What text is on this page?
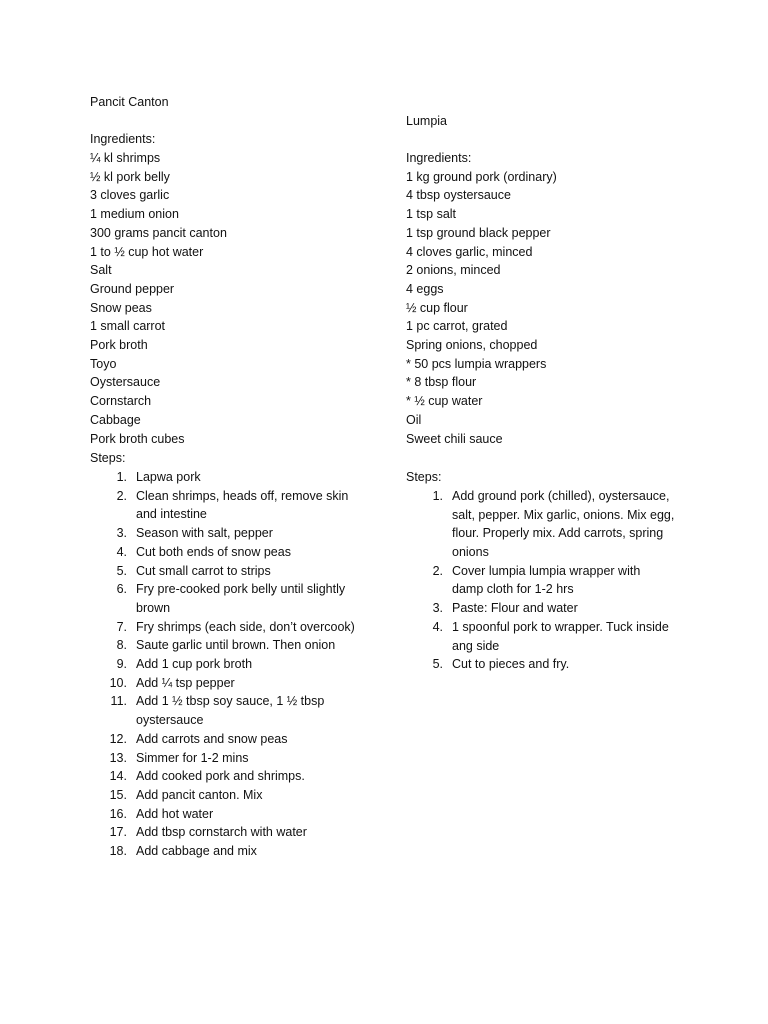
Pancit Canton
Ingredients:
¼ kl shrimps
½ kl pork belly
3 cloves garlic
1 medium onion
300 grams pancit canton
1 to ½ cup hot water
Salt
Ground pepper
Snow peas
1 small carrot
Pork broth
Toyo
Oystersauce
Cornstarch
Cabbage
Pork broth cubes
Steps:
1. Lapwa pork
2. Clean shrimps, heads off, remove skin
and intestine
3. Season with salt, pepper
4. Cut both ends of snow peas
5. Cut small carrot to strips
6. Fry pre-cooked pork belly until slightly
brown
7. Fry shrimps (each side, don’t overcook)
8. Saute garlic until brown. Then onion
9. Add 1 cup pork broth
10. Add ¼ tsp pepper
11. Add 1 ½ tbsp soy sauce, 1 ½ tbsp
oystersauce
12. Add carrots and snow peas
13. Simmer for 1-2 mins
14. Add cooked pork and shrimps.
15. Add pancit canton. Mix
16. Add hot water
17. Add tbsp cornstarch with water
18. Add cabbage and mix
Lumpia
Ingredients:
1 kg ground pork (ordinary)
4 tbsp oystersauce
1 tsp salt
1 tsp ground black pepper
4 cloves garlic, minced
2 onions, minced
4 eggs
½ cup flour
1 pc carrot, grated
Spring onions, chopped
* 50 pcs lumpia wrappers
* 8 tbsp flour
* ½ cup water
Oil
Sweet chili sauce
Steps:
1. Add ground pork (chilled), oystersauce,
salt, pepper. Mix garlic, onions. Mix egg,
flour. Properly mix. Add carrots, spring
onions
2. Cover lumpia lumpia wrapper with
damp cloth for 1-2 hrs
3. Paste: Flour and water
4. 1 spoonful pork to wrapper. Tuck inside
ang side
5. Cut to pieces and fry.
